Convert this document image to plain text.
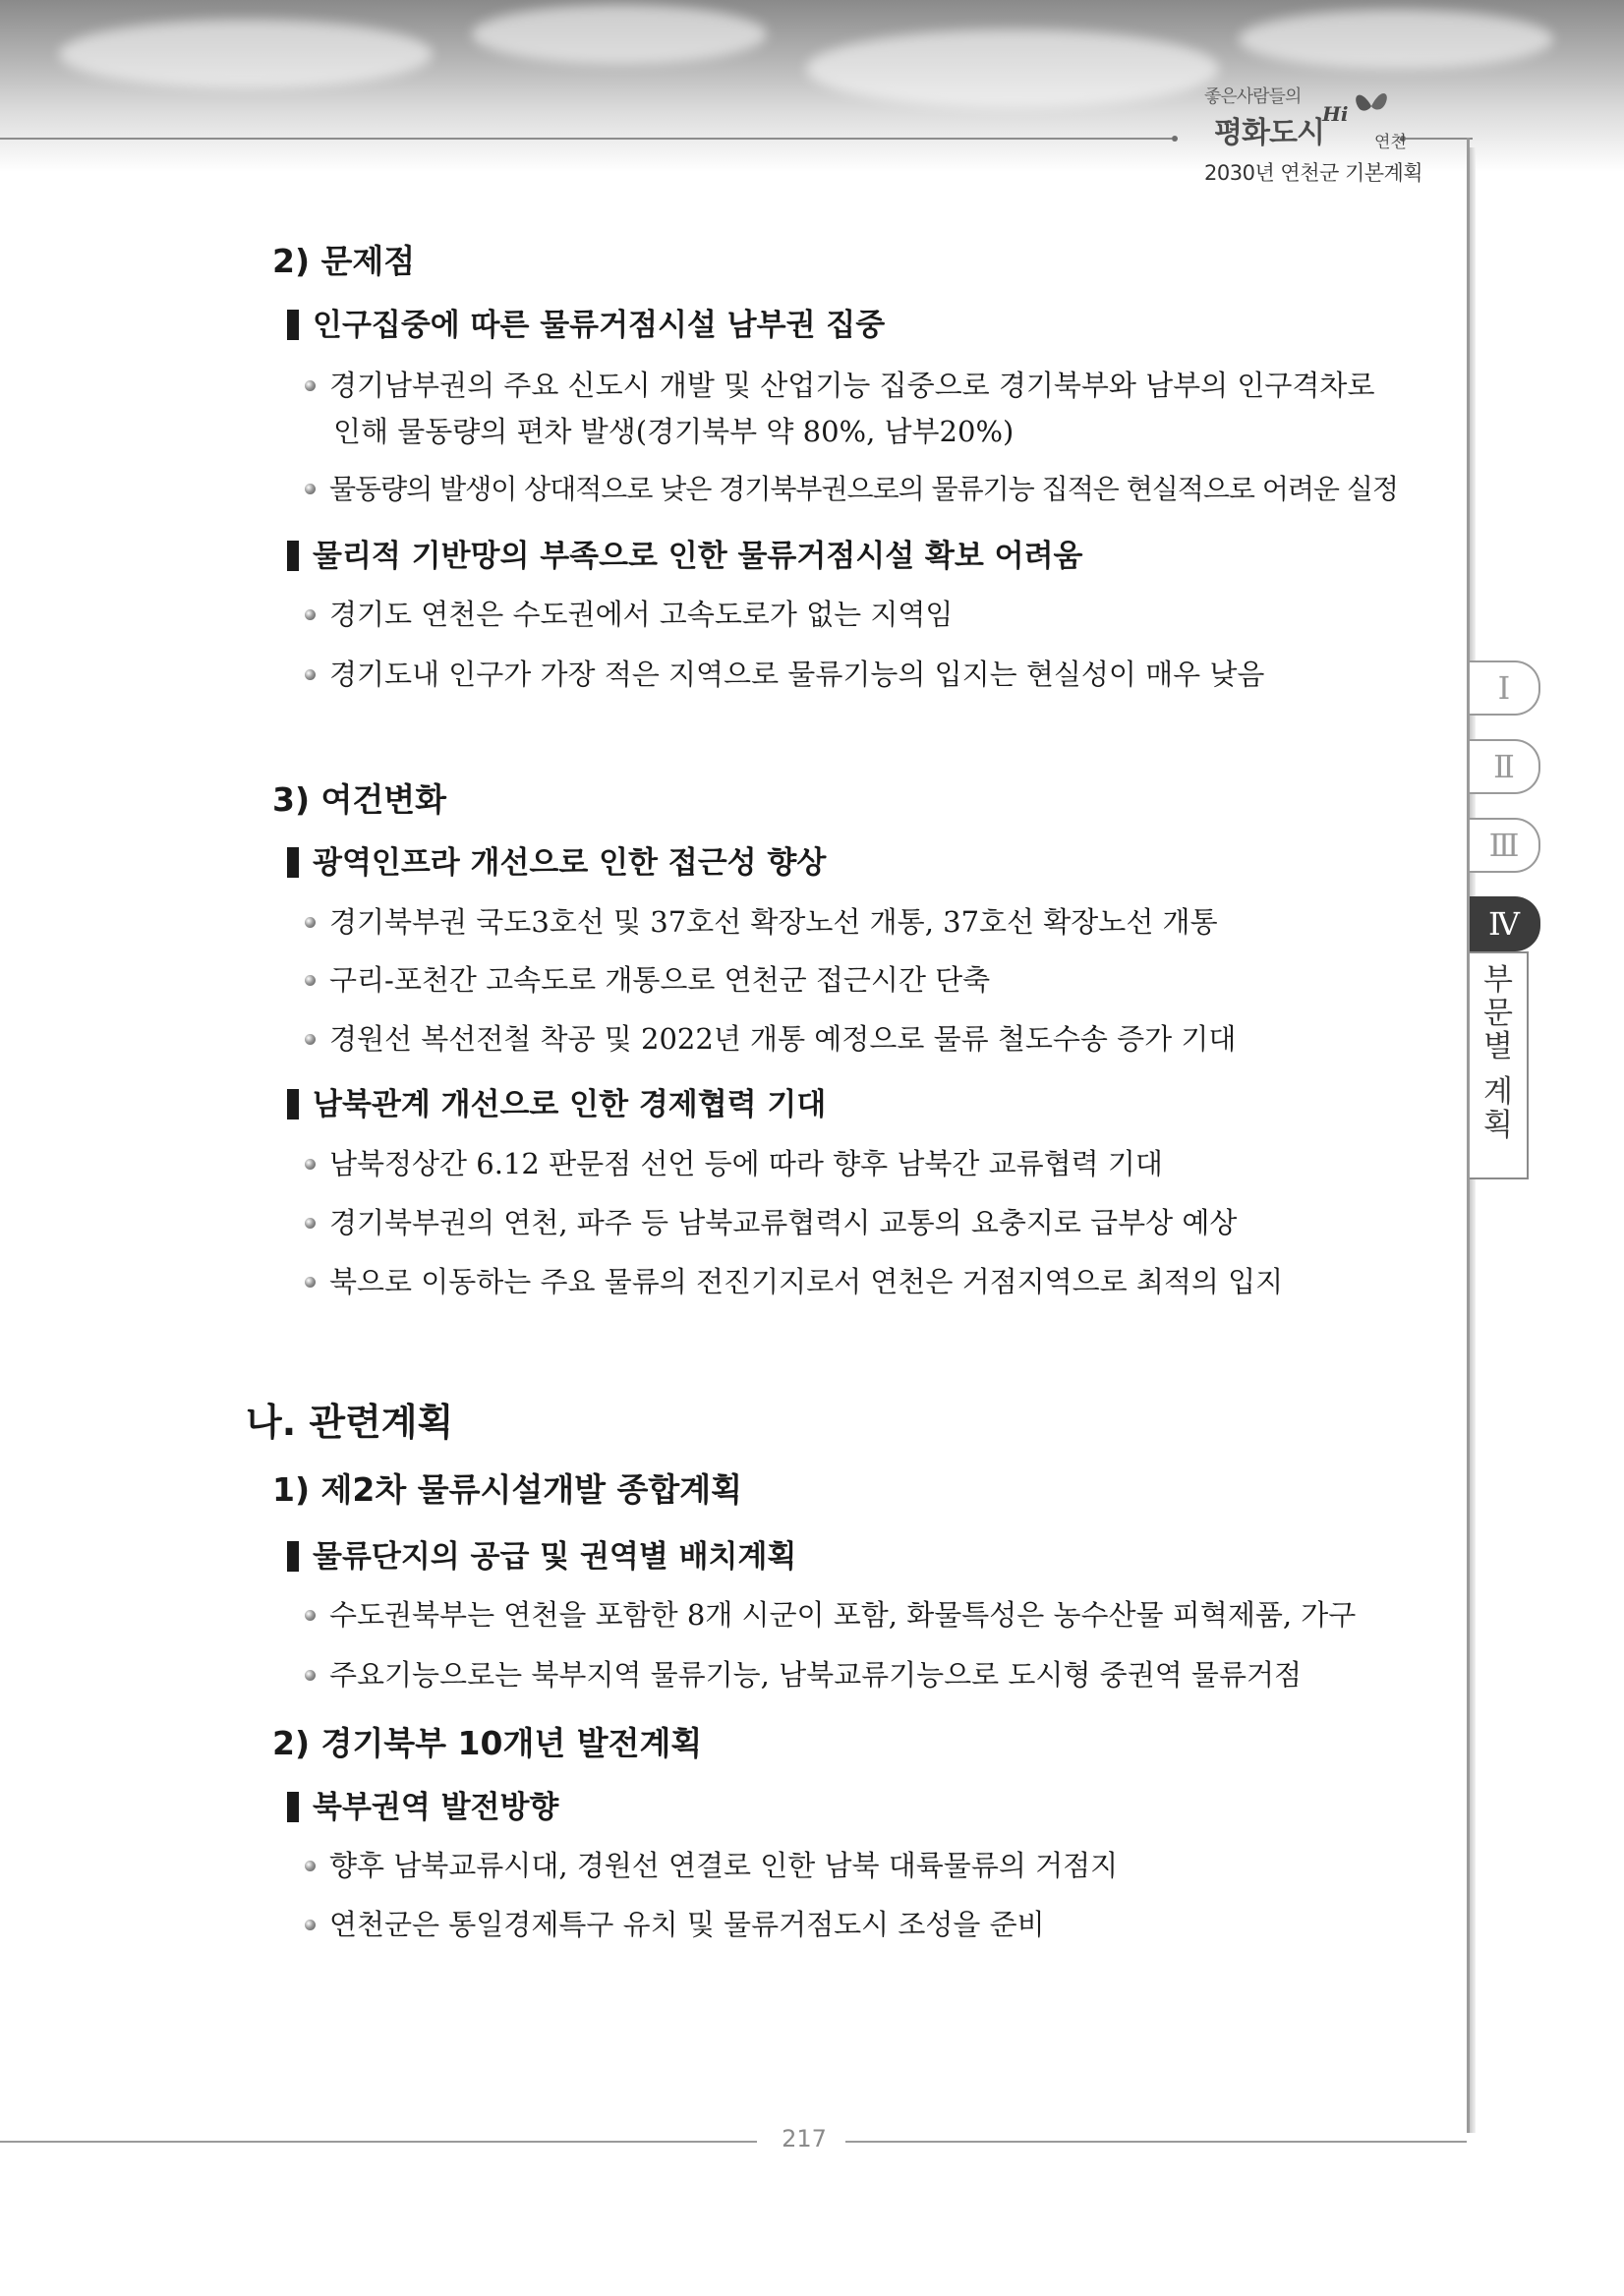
좋은사람들의
평화도시
Hi
연천
2030년 연천군 기본계획
2) 문제점
인구집중에 따른 물류거점시설 남부권 집중
경기남부권의 주요 신도시 개발 및 산업기능 집중으로 경기북부와 남부의 인구격차로
인해 물동량의 편차 발생(경기북부 약 80%, 남부20%)
물동량의 발생이 상대적으로 낮은 경기북부권으로의 물류기능 집적은 현실적으로 어려운 실정
물리적 기반망의 부족으로 인한 물류거점시설 확보 어려움
경기도 연천은 수도권에서 고속도로가 없는 지역임
경기도내 인구가 가장 적은 지역으로 물류기능의 입지는 현실성이 매우 낮음
3) 여건변화
광역인프라 개선으로 인한 접근성 향상
경기북부권 국도3호선 및 37호선 확장노선 개통, 37호선 확장노선 개통
구리-포천간 고속도로 개통으로 연천군 접근시간 단축
경원선 복선전철 착공 및 2022년 개통 예정으로 물류 철도수송 증가 기대
남북관계 개선으로 인한 경제협력 기대
남북정상간 6.12 판문점 선언 등에 따라 향후 남북간 교류협력 기대
경기북부권의 연천, 파주 등 남북교류협력시 교통의 요충지로 급부상 예상
북으로 이동하는 주요 물류의 전진기지로서 연천은 거점지역으로 최적의 입지
나. 관련계획
1) 제2차 물류시설개발 종합계획
물류단지의 공급 및 권역별 배치계획
수도권북부는 연천을 포함한 8개 시군이 포함, 화물특성은 농수산물 피혁제품, 가구
주요기능으로는 북부지역 물류기능, 남북교류기능으로 도시형 중권역 물류거점
2) 경기북부 10개년 발전계획
북부권역 발전방향
향후 남북교류시대, 경원선 연결로 인한 남북 대륙물류의 거점지
연천군은 통일경제특구 유치 및 물류거점도시 조성을 준비
Ⅰ
Ⅱ
Ⅲ
Ⅳ
부
문
별
계
획
217
